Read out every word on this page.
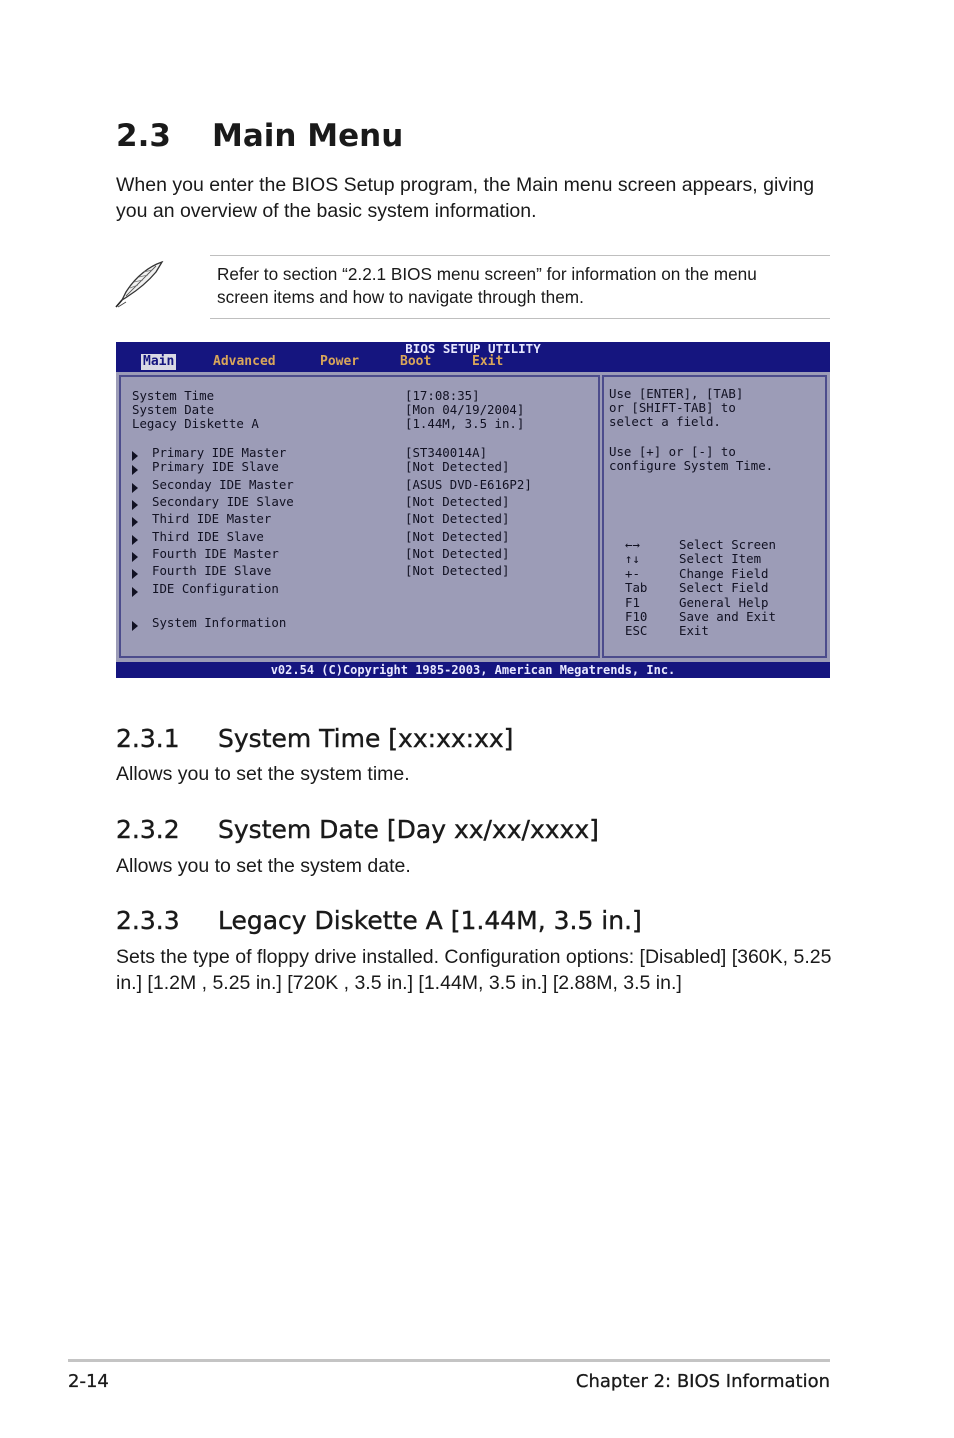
2.3 Main Menu

When you enter the BIOS Setup program, the Main menu screen appears, giving you an overview of the basic system information.

Refer to section “2.2.1 BIOS menu screen” for information on the menu
screen items and how to navigate through them.

BIOS SETUP UTILITY
Main	Advanced	Power	Boot	Exit
System Time	[17:08:35]
System Date	[Mon 04/19/2004]
Legacy Diskette A	[1.44M, 3.5 in.]
Primary IDE Master	[ST340014A]
Primary IDE Slave	[Not Detected]
Seconday IDE Master	[ASUS DVD-E616P2]
Secondary IDE Slave	[Not Detected]
Third IDE Master	[Not Detected]
Third IDE Slave	[Not Detected]
Fourth IDE Master	[Not Detected]
Fourth IDE Slave	[Not Detected]
IDE Configuration
System Information
Use [ENTER], [TAB]
or [SHIFT-TAB] to
select a field.
Use [+] or [-] to
configure System Time.
←→	Select Screen
↑↓	Select Item
+-	Change Field
Tab	Select Field
F1	General Help
F10	Save and Exit
ESC	Exit
v02.54 (C)Copyright 1985-2003, American Megatrends, Inc.
2.3.1 System Time [xx:xx:xx]

Allows you to set the system time.

2.3.2 System Date [Day xx/xx/xxxx]

Allows you to set the system date.

2.3.3 Legacy Diskette A [1.44M, 3.5 in.]

Sets the type of floppy drive installed. Configuration options: [Disabled] [360K, 5.25 in.] [1.2M , 5.25 in.] [720K , 3.5 in.] [1.44M, 3.5 in.] [2.88M, 3.5 in.]

2-14	Chapter 2: BIOS Information
